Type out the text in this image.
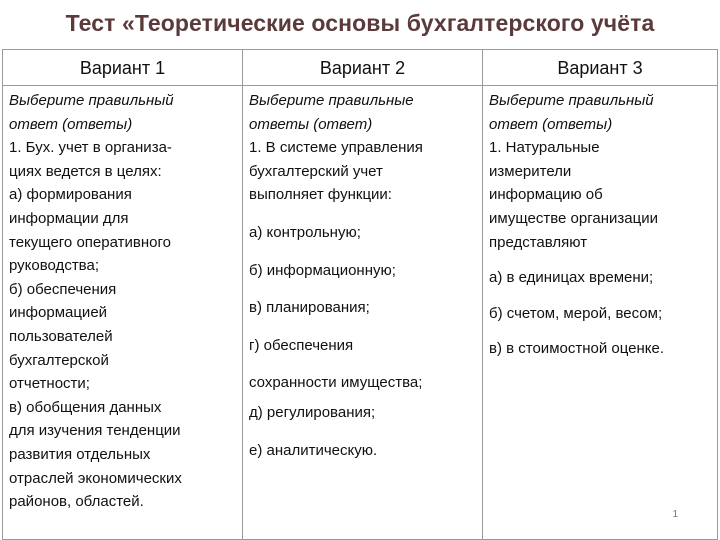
Тест «Теоретические основы бухгалтерского учёта
Вариант 1	Вариант 2	Вариант 3
Выберите правильный
ответ (ответы)
1. Бух. учет в организа-
циях ведется в целях:
а) формирования
информации для
текущего оперативного
руководства;
б) обеспечения
информацией
пользователей
бухгалтерской
отчетности;
в) обобщения данных
для изучения тенденции
развития отдельных
отраслей экономических
районов, областей.
Выберите правильные
ответы (ответ)
1. В системе управления
бухгалтерский учет
выполняет функции:
а) контрольную;
б) информационную;
в) планирования;
г) обеспечения
сохранности имущества;
д) регулирования;
е) аналитическую.
Выберите правильный
ответ (ответы)
1. Натуральные
измерители
информацию об
имуществе организации
представляют
а) в единицах времени;
б) счетом, мерой, весом;
в) в стоимостной оценке.
1
